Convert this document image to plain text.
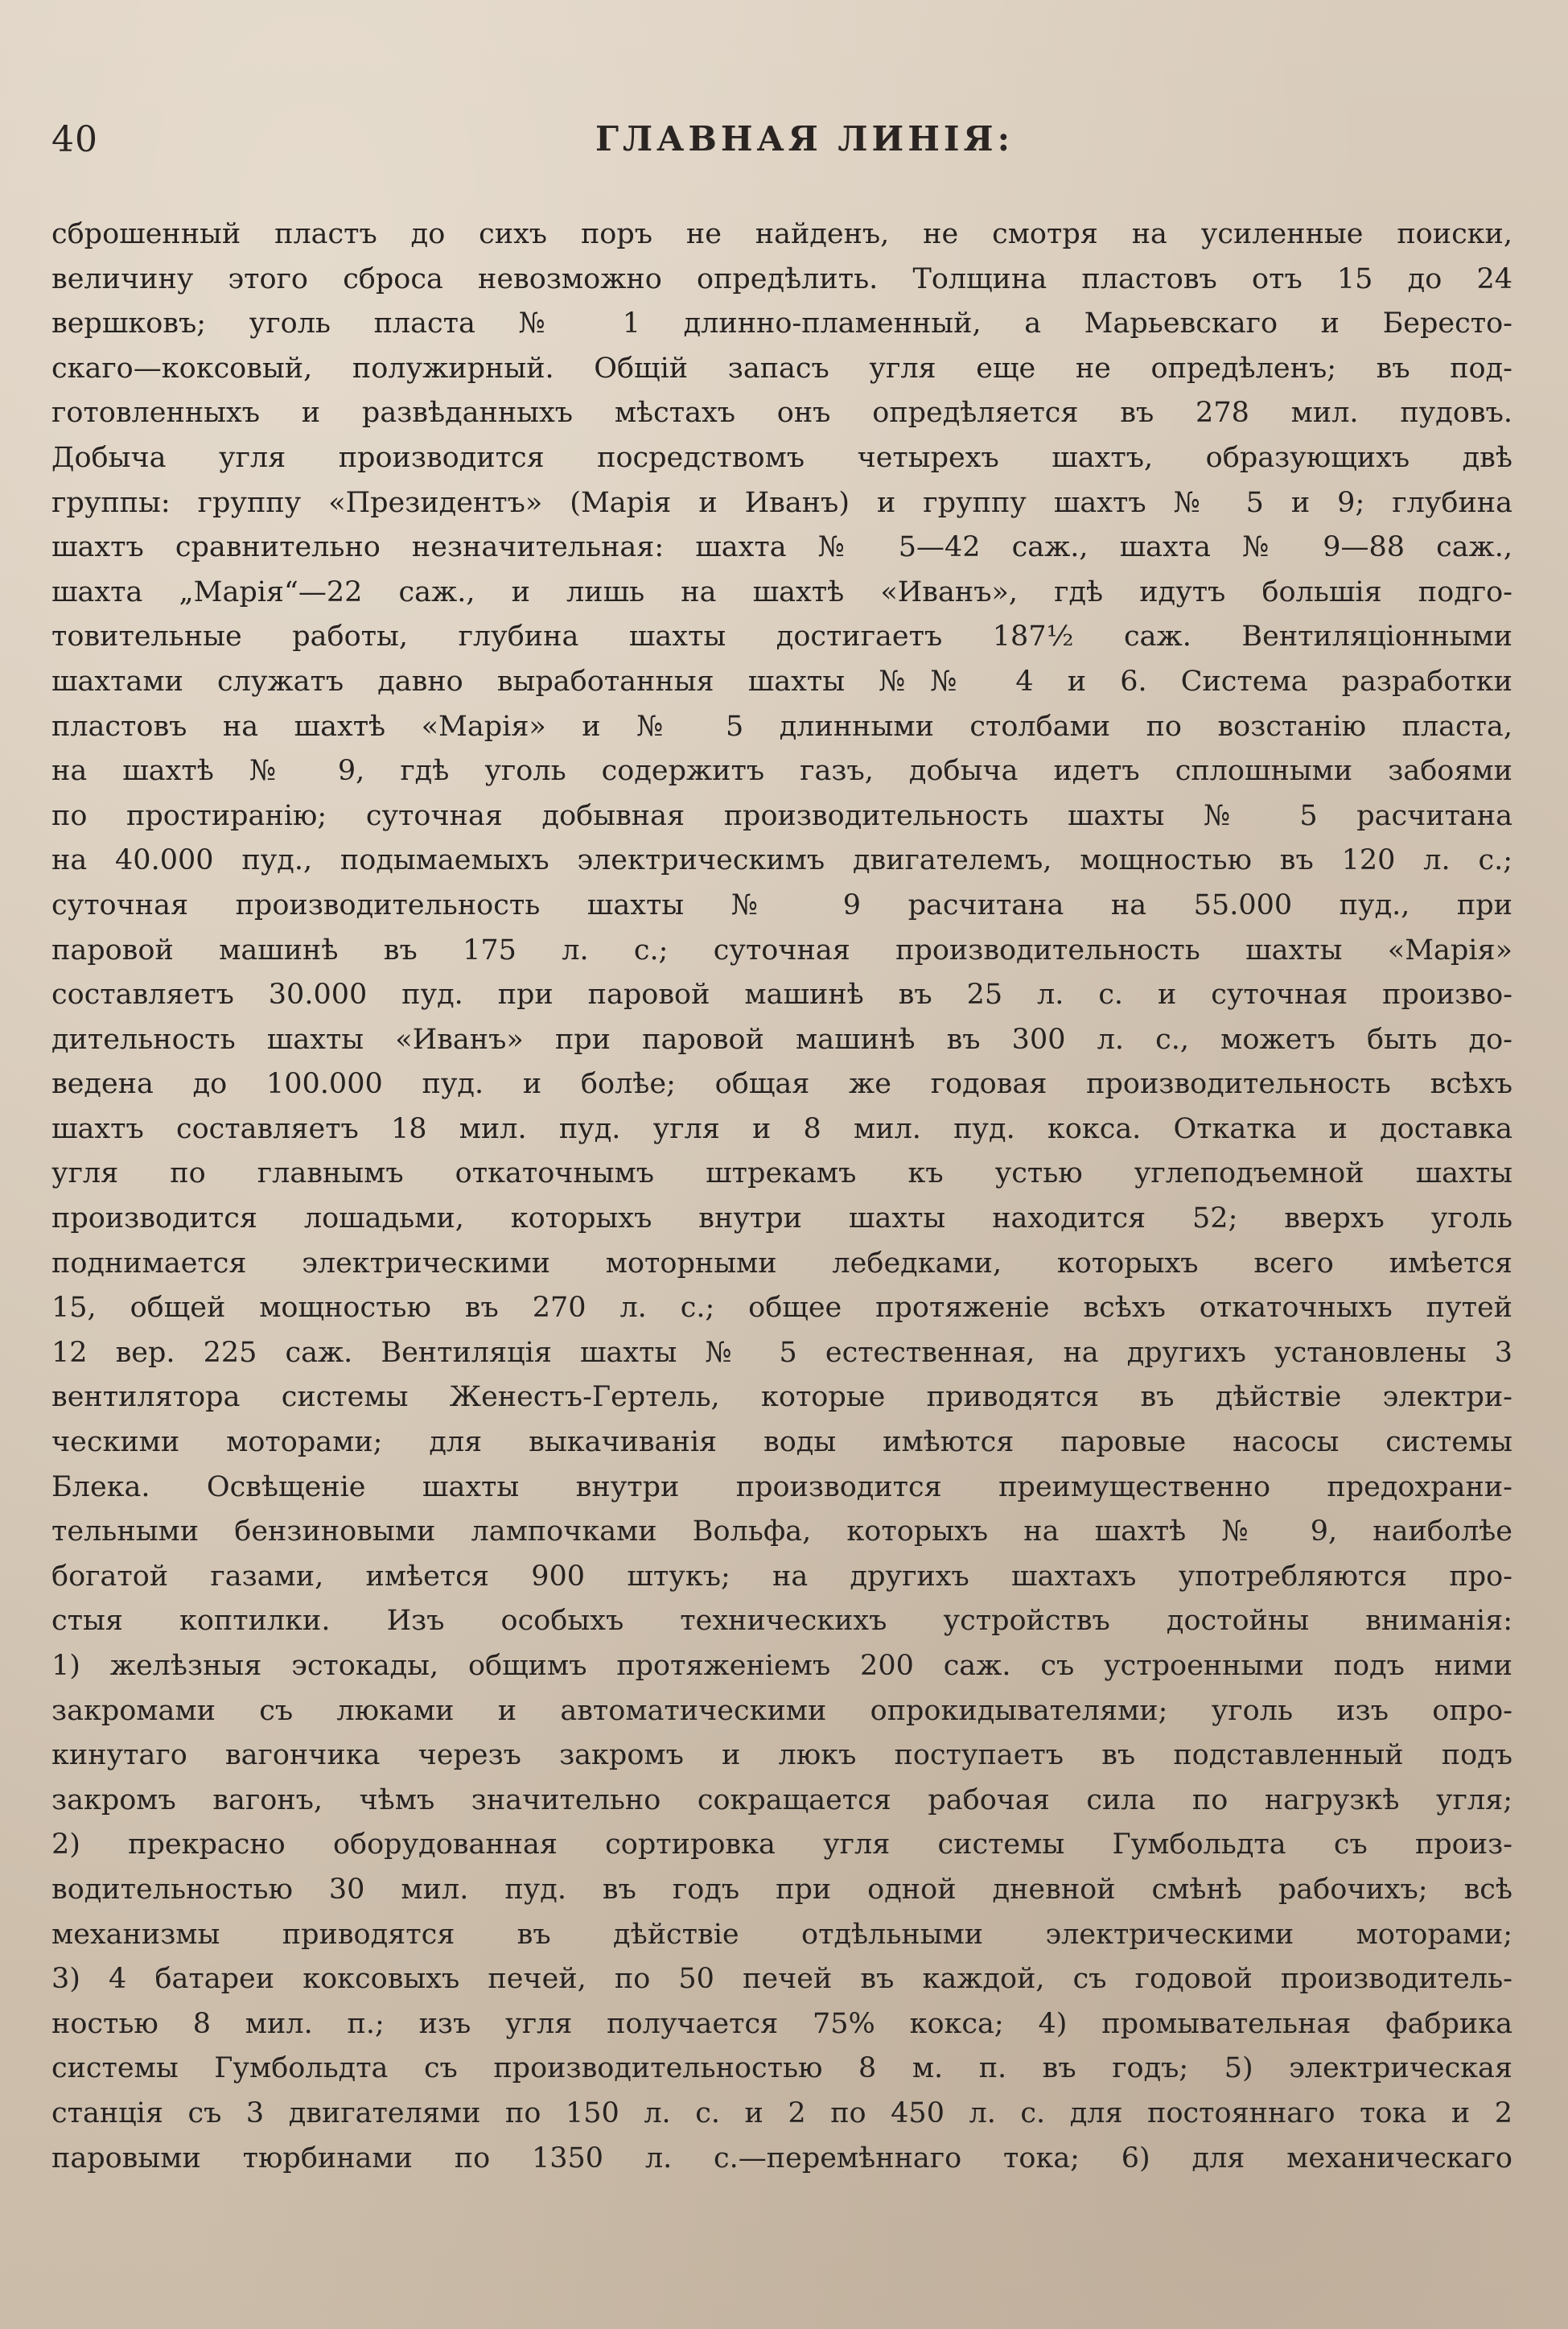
40	ГЛАВНАЯ ЛИНІЯ:
сброшенный пластъ до сихъ поръ не найденъ, не смотря на усиленные поиски,
величину этого сброса невозможно опредѣлить. Толщина пластовъ отъ 15 до 24
вершковъ; уголь пласта № 1 длинно-пламенный, а Марьевскаго и Бересто-
скаго—коксовый, полужирный. Общій запасъ угля еще не опредѣленъ; въ под-
готовленныхъ и развѣданныхъ мѣстахъ онъ опредѣляется въ 278 мил. пудовъ.
Добыча угля производится посредствомъ четырехъ шахтъ, образующихъ двѣ
группы: группу «Президентъ» (Марія и Иванъ) и группу шахтъ № 5 и 9; глубина
шахтъ сравнительно незначительная: шахта № 5—42 саж., шахта № 9—88 саж.,
шахта „Марія“—22 саж., и лишь на шахтѣ «Иванъ», гдѣ идутъ большія подго-
товительные работы, глубина шахты достигаетъ 187½ саж. Вентиляціонными
шахтами служатъ давно выработанныя шахты №№ 4 и 6. Система разработки
пластовъ на шахтѣ «Марія» и № 5 длинными столбами по возстанію пласта,
на шахтѣ № 9, гдѣ уголь содержитъ газъ, добыча идетъ сплошными забоями
по простиранію; суточная добывная производительность шахты № 5 расчитана
на 40.000 пуд., подымаемыхъ электрическимъ двигателемъ, мощностью въ 120 л. с.;
суточная производительность шахты № 9 расчитана на 55.000 пуд., при
паровой машинѣ въ 175 л. с.; суточная производительность шахты «Марія»
составляетъ 30.000 пуд. при паровой машинѣ въ 25 л. с. и суточная произво-
дительность шахты «Иванъ» при паровой машинѣ въ 300 л. с., можетъ быть до-
ведена до 100.000 пуд. и болѣе; общая же годовая производительность всѣхъ
шахтъ составляетъ 18 мил. пуд. угля и 8 мил. пуд. кокса. Откатка и доставка
угля по главнымъ откаточнымъ штрекамъ къ устью углеподъемной шахты
производится лошадьми, которыхъ внутри шахты находится 52; вверхъ уголь
поднимается электрическими моторными лебедками, которыхъ всего имѣется
15, общей мощностью въ 270 л. с.; общее протяженіе всѣхъ откаточныхъ путей
12 вер. 225 саж. Вентиляція шахты № 5 естественная, на другихъ установлены 3
вентилятора системы Женестъ-Гертель, которые приводятся въ дѣйствіе электри-
ческими моторами; для выкачиванія воды имѣются паровые насосы системы
Блека. Освѣщеніе шахты внутри производится преимущественно предохрани-
тельными бензиновыми лампочками Вольфа, которыхъ на шахтѣ № 9, наиболѣе
богатой газами, имѣется 900 штукъ; на другихъ шахтахъ употребляются про-
стыя коптилки. Изъ особыхъ техническихъ устройствъ достойны вниманія:
1) желѣзныя эстокады, общимъ протяженіемъ 200 саж. съ устроенными подъ ними
закромами съ люками и автоматическими опрокидывателями; уголь изъ опро-
кинутаго вагончика черезъ закромъ и люкъ поступаетъ въ подставленный подъ
закромъ вагонъ, чѣмъ значительно сокращается рабочая сила по нагрузкѣ угля;
2) прекрасно оборудованная сортировка угля системы Гумбольдта съ произ-
водительностью 30 мил. пуд. въ годъ при одной дневной смѣнѣ рабочихъ; всѣ
механизмы приводятся въ дѣйствіе отдѣльными электрическими моторами;
3) 4 батареи коксовыхъ печей, по 50 печей въ каждой, съ годовой производитель-
ностью 8 мил. п.; изъ угля получается 75% кокса; 4) промывательная фабрика
системы Гумбольдта съ производительностью 8 м. п. въ годъ; 5) электрическая
станція съ 3 двигателями по 150 л. с. и 2 по 450 л. с. для постояннаго тока и 2
паровыми тюрбинами по 1350 л. с.—перемѣннаго тока; 6) для механическаго
